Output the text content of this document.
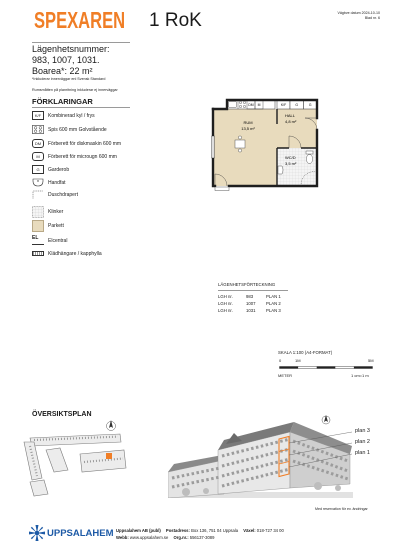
SPEXAREN 1 RoK	Vägbve datum 2024-10-10
Blad nr. 6
Lägenhetsnummer:
983, 1007, 1031.
Boarea*: 22 m²
*Inkluderar innerväggar enl Svensk Standard
Rumsmåtten på planritning inkluderar ej innerväggar
FÖRKLARINGAR
K/F Kombinerad kyl / frys
Spis 600 mm Golvstående
DM Förberett för diskmaskin 600 mm
M Förberett för microugn 600 mm
G Garderob
Handfat
Duschdrapert
Klinker
Parkett
EL	Elcentral
Klädhängare / kapphylla
DM M	K/F	G	G
RUM
13,5 m²
HALL
4,8 m²
WC/D
3,5 m²
LÄGENHETSFÖRTECKNING
LGH nr.	983	PLAN 1
LGH nr.	1007 PLAN 2
LGH nr.	1031 PLAN 3
SKALA 1:100 (A4-FORMAT)
0	1M	5M
METER	1 cm=1 m
ÖVERSIKTSPLAN
plan 3
plan 2
plan 1
Med reservation för ev. ändringar
UPPSALAHEM Uppsalahem AB (publ) Postadress: Box 136, 751 04 Uppsala Växel: 018-727 34 00
Webb: www.uppsalahem.se Org.nr.: 556137-3089
